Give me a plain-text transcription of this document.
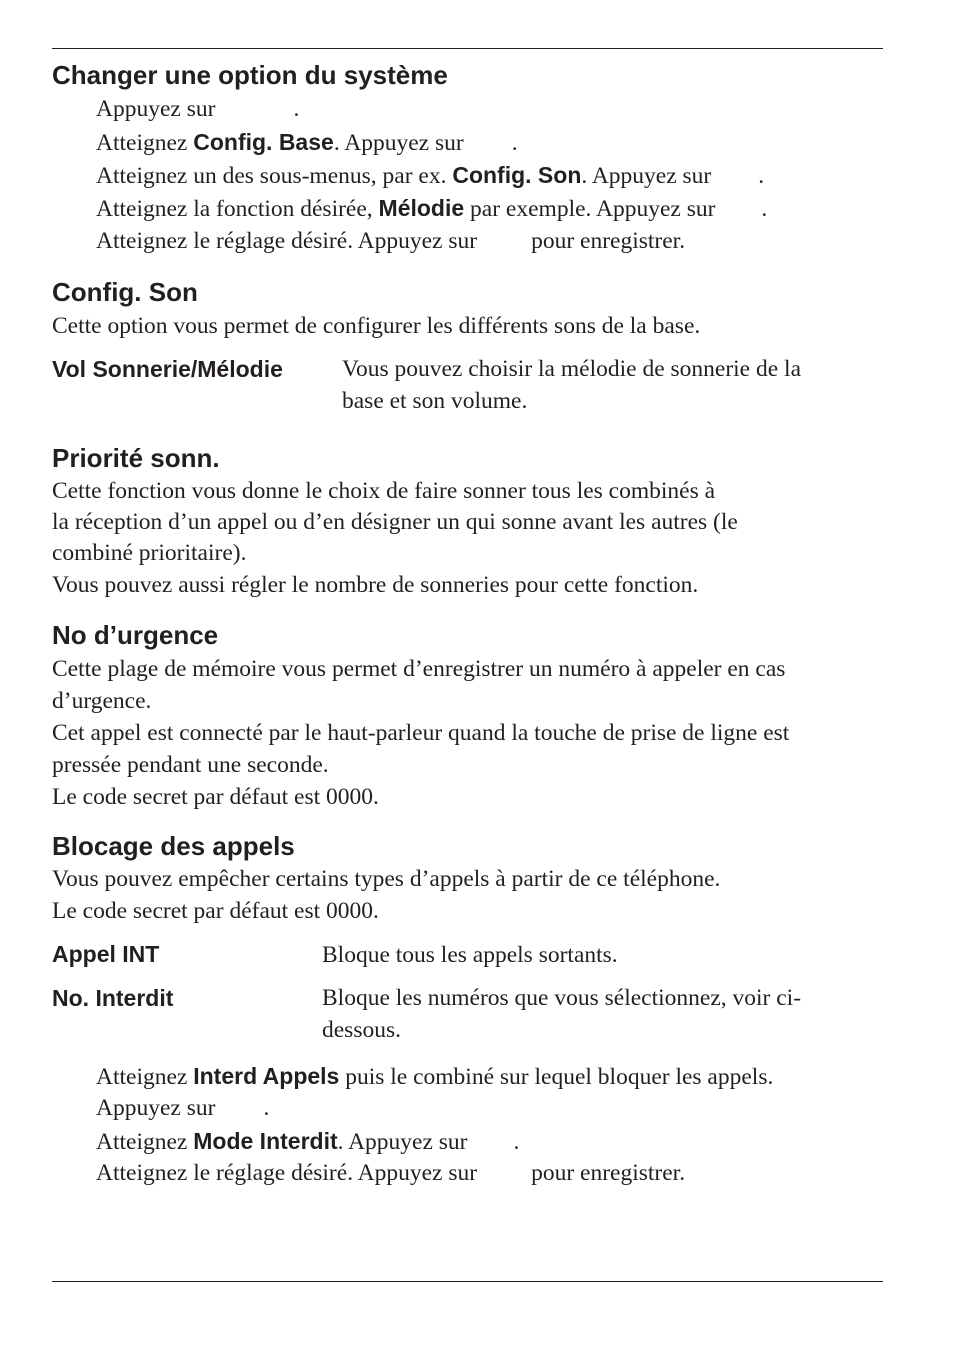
Changer une option du système
Appuyez sur	.
Atteignez Config. Base. Appuyez sur .
Atteignez un des sous-menus, par ex. Config. Son. Appuyez sur .
Atteignez la fonction désirée, Mélodie par exemple. Appuyez sur .
Atteignez le réglage désiré. Appuyez sur pour enregistrer.
Config. Son
Cette option vous permet de configurer les différents sons de la base.
Vol Sonnerie/Mélodie	Vous pouvez choisir la mélodie de sonnerie de la
base et son volume.
Priorité sonn.
Cette fonction vous donne le choix de faire sonner tous les combinés à
la réception d’un appel ou d’en désigner un qui sonne avant les autres (le
combiné prioritaire).
Vous pouvez aussi régler le nombre de sonneries pour cette fonction.
No d’urgence
Cette plage de mémoire vous permet d’enregistrer un numéro à appeler en cas
d’urgence.
Cet appel est connecté par le haut-parleur quand la touche de prise de ligne est
pressée pendant une seconde.
Le code secret par défaut est 0000.
Blocage des appels
Vous pouvez empêcher certains types d’appels à partir de ce téléphone.
Le code secret par défaut est 0000.
Appel INT	Bloque tous les appels sortants.
No. Interdit	Bloque les numéros que vous sélectionnez, voir ci-
dessous.
Atteignez Interd Appels puis le combiné sur lequel bloquer les appels.
Appuyez sur .
Atteignez Mode Interdit. Appuyez sur .
Atteignez le réglage désiré. Appuyez sur pour enregistrer.
